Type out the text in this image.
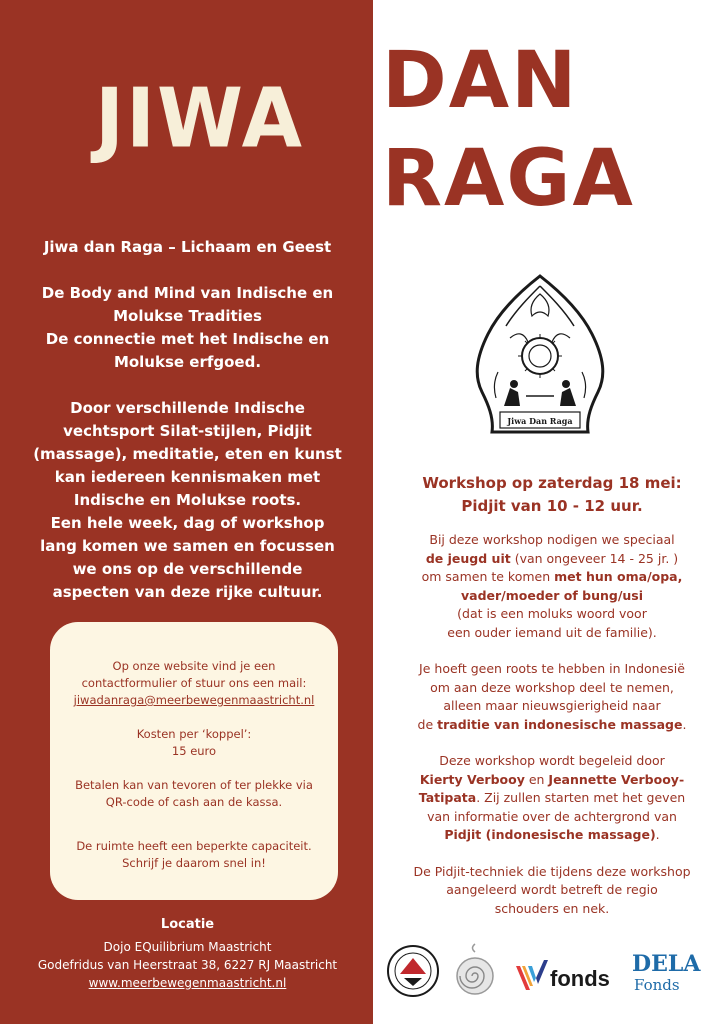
JIWA DAN
RAGA

Jiwa dan Raga – Lichaam en Geest

De Body and Mind van Indische en

Molukse Tradities

De connectie met het Indische en

Molukse erfgoed.

Door verschillende Indische

vechtsport Silat-stijlen, Pidjit

(massage), meditatie, eten en kunst

kan iedereen kennismaken met

Indische en Molukse roots.

Een hele week, dag of workshop

lang komen we samen en focussen

we ons op de verschillende

aspecten van deze rijke cultuur.

Op onze website vind je een

contactformulier of stuur ons een mail:

jiwadanraga@meerbewegenmaastricht.nl

Kosten per ‘koppel’:

15 euro

Betalen kan van tevoren of ter plekke via

QR-code of cash aan de kassa.

De ruimte heeft een beperkte capaciteit.

Schrijf je daarom snel in!

Locatie
Dojo EQuilibrium Maastricht
Godefridus van Heerstraat 38, 6227 RJ Maastricht
www.meerbewegenmaastricht.nl
Jiwa Dan Raga

Workshop op zaterdag 18 mei:

Pidjit van 10 - 12 uur.

Bij deze workshop nodigen we speciaal

de jeugd uit (van ongeveer 14 - 25 jr. )

om samen te komen met hun oma/opa,

vader/moeder of bung/usi

(dat is een moluks woord voor

een ouder iemand uit de familie).

Je hoeft geen roots te hebben in Indonesië

om aan deze workshop deel te nemen,

alleen maar nieuwsgierigheid naar

de traditie van indonesische massage.

Deze workshop wordt begeleid door

Kierty Verbooy en Jeannette Verbooy-

Tatipata. Zij zullen starten met het geven

van informatie over de achtergrond van

Pidjit (indonesische massage).

De Pidjit-techniek die tijdens deze workshop

aangeleerd wordt betreft de regio

schouders en nek.

fonds
DELA
Fonds
